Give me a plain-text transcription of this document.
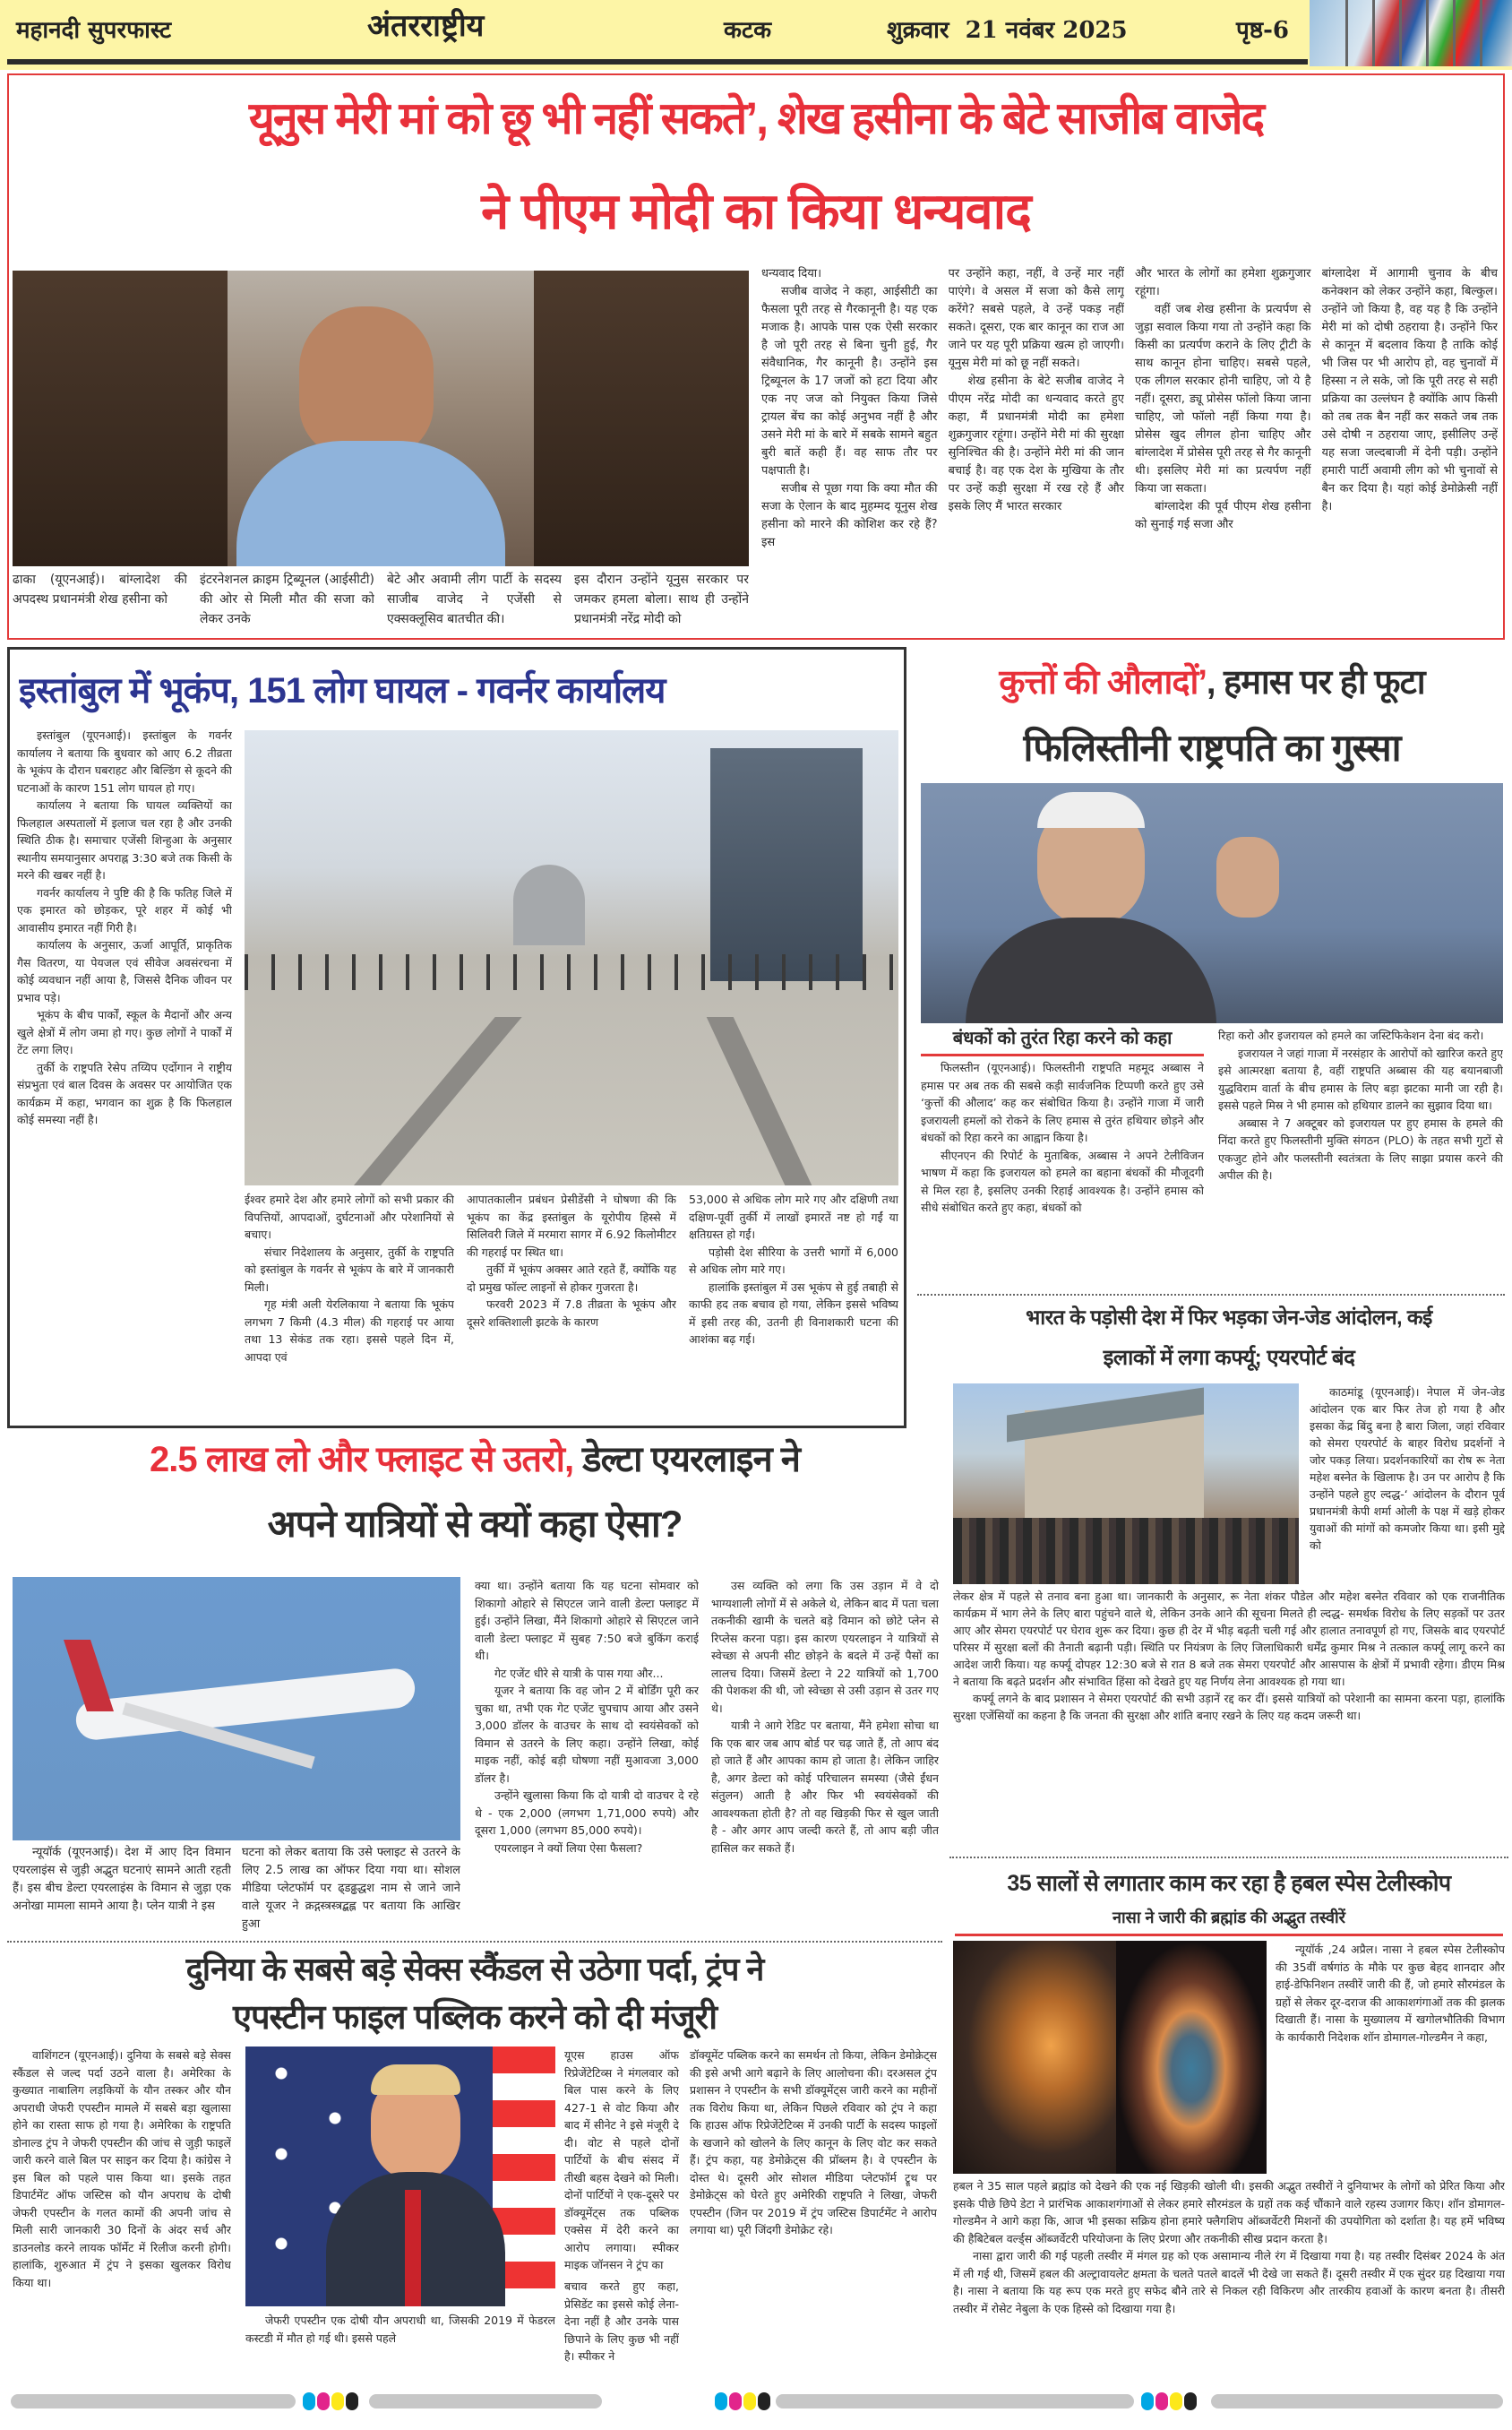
महानदी सुपरफास्ट	अंतरराष्ट्रीय	कटक	शुक्रवार  21 नवंबर 2025	पृष्ठ-6
यूनुस मेरी मां को छू भी नहीं सकते’, शेख हसीना के बेटे साजीब वाजेद
ने पीएम मोदी का किया धन्यवाद
ढाका (यूएनआई)। बांग्लादेश की अपदस्थ प्रधानमंत्री शेख हसीना को
इंटरनेशनल क्राइम ट्रिब्यूनल (आईसीटी) की ओर से मिली मौत की सजा को लेकर उनके
बेटे और अवामी लीग पार्टी के सदस्य साजीब वाजेद ने एजेंसी से एक्सक्लूसिव बातचीत की।
इस दौरान उन्होंने यूनुस सरकार पर जमकर हमला बोला। साथ ही उन्होंने प्रधानमंत्री नरेंद्र मोदी को

धन्यवाद दिया।

सजीब वाजेद ने कहा, आईसीटी का फैसला पूरी तरह से गैरकानूनी है। यह एक मजाक है। आपके पास एक ऐसी सरकार है जो पूरी तरह से बिना चुनी हुई, गैर संवैधानिक, गैर कानूनी है। उन्होंने इस ट्रिब्यूनल के 17 जजों को हटा दिया और एक नए जज को नियुक्त किया जिसे ट्रायल बेंच का कोई अनुभव नहीं है और उसने मेरी मां के बारे में सबके सामने बहुत बुरी बातें कही हैं। वह साफ तौर पर पक्षपाती है।

सजीब से पूछा गया कि क्या मौत की सजा के ऐलान के बाद मुहम्मद यूनुस शेख हसीना को मारने की कोशिश कर रहे हैं? इस

पर उन्होंने कहा, नहीं, वे उन्हें मार नहीं पाएंगे। वे असल में सजा को कैसे लागू करेंगे? सबसे पहले, वे उन्हें पकड़ नहीं सकते। दूसरा, एक बार कानून का राज आ जाने पर यह पूरी प्रक्रिया खत्म हो जाएगी। यूनुस मेरी मां को छू नहीं सकते।

शेख हसीना के बेटे सजीब वाजेद ने पीएम नरेंद्र मोदी का धन्यवाद करते हुए कहा, मैं प्रधानमंत्री मोदी का हमेशा शुक्रगुजार रहूंगा। उन्होंने मेरी मां की सुरक्षा सुनिश्चित की है। उन्होंने मेरी मां की जान बचाई है। वह एक देश के मुखिया के तौर पर उन्हें कड़ी सुरक्षा में रख रहे हैं और इसके लिए मैं भारत सरकार

और भारत के लोगों का हमेशा शुक्रगुजार रहूंगा।

वहीं जब शेख हसीना के प्रत्यर्पण से जुड़ा सवाल किया गया तो उन्होंने कहा कि किसी का प्रत्यर्पण कराने के लिए ट्रीटी के साथ कानून होना चाहिए। सबसे पहले, एक लीगल सरकार होनी चाहिए, जो ये है नहीं। दूसरा, ड्यू प्रोसेस फॉलो किया जाना चाहिए, जो फॉलो नहीं किया गया है। प्रोसेस खुद लीगल होना चाहिए और बांग्लादेश में प्रोसेस पूरी तरह से गैर कानूनी थी। इसलिए मेरी मां का प्रत्यर्पण नहीं किया जा सकता।

बांग्लादेश की पूर्व पीएम शेख हसीना को सुनाई गई सजा और

बांग्लादेश में आगामी चुनाव के बीच कनेक्शन को लेकर उन्होंने कहा, बिल्कुल। उन्होंने जो किया है, वह यह है कि उन्होंने मेरी मां को दोषी ठहराया है। उन्होंने फिर से कानून में बदलाव किया है ताकि कोई भी जिस पर भी आरोप हो, वह चुनावों में हिस्सा न ले सके, जो कि पूरी तरह से सही प्रक्रिया का उल्लंघन है क्योंकि आप किसी को तब तक बैन नहीं कर सकते जब तक उसे दोषी न ठहराया जाए, इसीलिए उन्हें यह सजा जल्दबाजी में देनी पड़ी। उन्होंने हमारी पार्टी अवामी लीग को भी चुनावों से बैन कर दिया है। यहां कोई डेमोक्रेसी नहीं है।

इस्तांबुल में भूकंप, 151 लोग घायल - गवर्नर कार्यालय

इस्तांबुल (यूएनआई)। इस्तांबुल के गवर्नर कार्यालय ने बताया कि बुधवार को आए 6.2 तीव्रता के भूकंप के दौरान घबराहट और बिल्डिंग से कूदने की घटनाओं के कारण 151 लोग घायल हो गए।

कार्यालय ने बताया कि घायल व्यक्तियों का फिलहाल अस्पतालों में इलाज चल रहा है और उनकी स्थिति ठीक है। समाचार एजेंसी शिन्हुआ के अनुसार स्थानीय समयानुसार अपराह्न 3:30 बजे तक किसी के मरने की खबर नहीं है।

गवर्नर कार्यालय ने पुष्टि की है कि फतिह जिले में एक इमारत को छोड़कर, पूरे शहर में कोई भी आवासीय इमारत नहीं गिरी है।

कार्यालय के अनुसार, ऊर्जा आपूर्ति, प्राकृतिक गैस वितरण, या पेयजल एवं सीवेज अवसंरचना में कोई व्यवधान नहीं आया है, जिससे दैनिक जीवन पर प्रभाव पड़े।

भूकंप के बीच पार्कों, स्कूल के मैदानों और अन्य खुले क्षेत्रों में लोग जमा हो गए। कुछ लोगों ने पार्कों में टेंट लगा लिए।

तुर्की के राष्ट्रपति रेसेप तय्यिप एर्दोगान ने राष्ट्रीय संप्रभुता एवं बाल दिवस के अवसर पर आयोजित एक कार्यक्रम में कहा, भगवान का शुक्र है कि फिलहाल कोई समस्या नहीं है।

ईश्वर हमारे देश और हमारे लोगों को सभी प्रकार की विपत्तियों, आपदाओं, दुर्घटनाओं और परेशानियों से बचाए।

संचार निदेशालय के अनुसार, तुर्की के राष्ट्रपति को इस्तांबुल के गवर्नर से भूकंप के बारे में जानकारी मिली।

गृह मंत्री अली येरलिकाया ने बताया कि भूकंप लगभग 7 किमी (4.3 मील) की गहराई पर आया तथा 13 सेकंड तक रहा। इससे पहले दिन में, आपदा एवं

आपातकालीन प्रबंधन प्रेसीडेंसी ने घोषणा की कि भूकंप का केंद्र इस्तांबुल के यूरोपीय हिस्से में सिलिवरी जिले में मरमारा सागर में 6.92 किलोमीटर की गहराई पर स्थित था।

तुर्की में भूकंप अक्सर आते रहते हैं, क्योंकि यह दो प्रमुख फॉल्ट लाइनों से होकर गुजरता है।

फरवरी 2023 में 7.8 तीव्रता के भूकंप और दूसरे शक्तिशाली झटके के कारण

53,000 से अधिक लोग मारे गए और दक्षिणी तथा दक्षिण-पूर्वी तुर्की में लाखों इमारतें नष्ट हो गईं या क्षतिग्रस्त हो गईं।

पड़ोसी देश सीरिया के उत्तरी भागों में 6,000 से अधिक लोग मारे गए।

हालांकि इस्तांबुल में उस भूकंप से हुई तबाही से काफी हद तक बचाव हो गया, लेकिन इससे भविष्य में इसी तरह की, उतनी ही विनाशकारी घटना की आशंका बढ़ गई।

कुत्तों की औलादों’, हमास पर ही फूटा
फिलिस्तीनी राष्ट्रपति का गुस्सा
बंधकों को तुरंत रिहा करने को कहा

फिलस्तीन (यूएनआई)। फिलस्तीनी राष्ट्रपति महमूद अब्बास ने हमास पर अब तक की सबसे कड़ी सार्वजनिक टिप्पणी करते हुए उसे ‘कुत्तों की औलाद’ कह कर संबोधित किया है। उन्होंने गाजा में जारी इजरायली हमलों को रोकने के लिए हमास से तुरंत हथियार छोड़ने और बंधकों को रिहा करने का आह्वान किया है।

सीएनएन की रिपोर्ट के मुताबिक, अब्बास ने अपने टेलीविजन भाषण में कहा कि इजरायल को हमले का बहाना बंधकों की मौजूदगी से मिल रहा है, इसलिए उनकी रिहाई आवश्यक है। उन्होंने हमास को सीधे संबोधित करते हुए कहा, बंधकों को

रिहा करो और इजरायल को हमले का जस्टिफिकेशन देना बंद करो।

इजरायल ने जहां गाजा में नरसंहार के आरोपों को खारिज करते हुए इसे आत्मरक्षा बताया है, वहीं राष्ट्रपति अब्बास की यह बयानबाजी युद्धविराम वार्ता के बीच हमास के लिए बड़ा झटका मानी जा रही है। इससे पहले मिस्र ने भी हमास को हथियार डालने का सुझाव दिया था।

अब्बास ने 7 अक्टूबर को इजरायल पर हुए हमास के हमले की निंदा करते हुए फिलस्तीनी मुक्ति संगठन (PLO) के तहत सभी गुटों से एकजुट होने और फलस्तीनी स्वतंत्रता के लिए साझा प्रयास करने की अपील की है।

2.5 लाख लो और फ्लाइट से उतरो, डेल्टा एयरलाइन ने
अपने यात्रियों से क्यों कहा ऐसा?

न्यूयॉर्क (यूएनआई)। देश में आए दिन विमान एयरलाइंस से जुड़ी अद्भुत घटनाएं सामने आती रहती हैं। इस बीच डेल्टा एयरलाइंस के विमान से जुड़ा एक अनोखा मामला सामने आया है। प्लेन यात्री ने इस

घटना को लेकर बताया कि उसे फ्लाइट से उतरने के लिए 2.5 लाख का ऑफर दिया गया था। सोशल मीडिया प्लेटफॉर्म पर ढ्डढ्ढद्धश नाम से जाने जाने वाले यूजर ने क्रद्गस्त्रस्त्रद्बह्ल पर बताया कि आखिर हुआ

क्या था। उन्होंने बताया कि यह घटना सोमवार को शिकागो ओहारे से सिएटल जाने वाली डेल्टा फ्लाइट में हुई। उन्होंने लिखा, मैंने शिकागो ओहारे से सिएटल जाने वाली डेल्टा फ्लाइट में सुबह 7:50 बजे बुकिंग कराई थी।

गेट एजेंट धीरे से यात्री के पास गया और...

यूजर ने बताया कि वह जोन 2 में बोर्डिंग पूरी कर चुका था, तभी एक गेट एजेंट चुपचाप आया और उसने 3,000 डॉलर के वाउचर के साथ दो स्वयंसेवकों को विमान से उतरने के लिए कहा। उन्होंने लिखा, कोई माइक नहीं, कोई बड़ी घोषणा नहीं मुआवजा 3,000 डॉलर है।

उन्होंने खुलासा किया कि दो यात्री दो वाउचर दे रहे थे - एक 2,000 (लगभग 1,71,000 रुपये) और दूसरा 1,000 (लगभग 85,000 रुपये)।

एयरलाइन ने क्यों लिया ऐसा फैसला?

उस व्यक्ति को लगा कि उस उड़ान में वे दो भाग्यशाली लोगों में से अकेले थे, लेकिन बाद में पता चला तकनीकी खामी के चलते बड़े विमान को छोटे प्लेन से रिप्लेस करना पड़ा। इस कारण एयरलाइन ने यात्रियों से स्वेच्छा से अपनी सीट छोड़ने के बदले में उन्हें पैसों का लालच दिया। जिसमें डेल्टा ने 22 यात्रियों को 1,700 की पेशकश की थी, जो स्वेच्छा से उसी उड़ान से उतर गए थे।

यात्री ने आगे रेडिट पर बताया, मैंने हमेशा सोचा था कि एक बार जब आप बोर्ड पर चढ़ जाते हैं, तो आप बंद हो जाते हैं और आपका काम हो जाता है। लेकिन जाहिर है, अगर डेल्टा को कोई परिचालन समस्या (जैसे ईंधन संतुलन) आती है और फिर भी स्वयंसेवकों की आवश्यकता होती है? तो वह खिड़की फिर से खुल जाती है - और अगर आप जल्दी करते हैं, तो आप बड़ी जीत हासिल कर सकते हैं।

भारत के पड़ोसी देश में फिर भड़का जेन-जेड आंदोलन, कई
इलाकों में लगा कर्फ्यू; एयरपोर्ट बंद

काठमांडू (यूएनआई)। नेपाल में जेन-जेड आंदोलन एक बार फिर तेज हो गया है और इसका केंद्र बिंदु बना है बारा जिला, जहां रविवार को सेमरा एयरपोर्ट के बाहर विरोध प्रदर्शनों ने जोर पकड़ लिया। प्रदर्शनकारियों का रोष रू नेता महेश बस्नेत के खिलाफ है। उन पर आरोप है कि उन्होंने पहले हुए ल्दद्ध-‘ आंदोलन के दौरान पूर्व प्रधानमंत्री केपी शर्मा ओली के पक्ष में खड़े होकर युवाओं की मांगों को कमजोर किया था। इसी मुद्दे को

लेकर क्षेत्र में पहले से तनाव बना हुआ था। जानकारी के अनुसार, रू नेता शंकर पौडेल और महेश बस्नेत रविवार को एक राजनीतिक कार्यक्रम में भाग लेने के लिए बारा पहुंचने वाले थे, लेकिन उनके आने की सूचना मिलते ही ल्दद्ध- समर्थक विरोध के लिए सड़कों पर उतर आए और सेमरा एयरपोर्ट पर घेराव शुरू कर दिया। कुछ ही देर में भीड़ बढ़ती चली गई और हालात तनावपूर्ण हो गए, जिसके बाद एयरपोर्ट परिसर में सुरक्षा बलों की तैनाती बढ़ानी पड़ी। स्थिति पर नियंत्रण के लिए जिलाधिकारी धर्मेंद्र कुमार मिश्र ने तत्काल कर्फ्यू लागू करने का आदेश जारी किया। यह कर्फ्यू दोपहर 12:30 बजे से रात 8 बजे तक सेमरा एयरपोर्ट और आसपास के क्षेत्रों में प्रभावी रहेगा। डीएम मिश्र ने बताया कि बढ़ते प्रदर्शन और संभावित हिंसा को देखते हुए यह निर्णय लेना आवश्यक हो गया था।

कर्फ्यू लगने के बाद प्रशासन ने सेमरा एयरपोर्ट की सभी उड़ानें रद्द कर दीं। इससे यात्रियों को परेशानी का सामना करना पड़ा, हालांकि सुरक्षा एजेंसियों का कहना है कि जनता की सुरक्षा और शांति बनाए रखने के लिए यह कदम जरूरी था।

दुनिया के सबसे बड़े सेक्स स्कैंडल से उठेगा पर्दा, ट्रंप ने
एपस्टीन फाइल पब्लिक करने को दी मंजूरी

वाशिंगटन (यूएनआई)। दुनिया के सबसे बड़े सेक्स स्कैंडल से जल्द पर्दा उठने वाला है। अमेरिका के कुख्यात नाबालिग लड़कियों के यौन तस्कर और यौन अपराधी जेफरी एपस्टीन मामले में सबसे बड़ा खुलासा होने का रास्ता साफ हो गया है। अमेरिका के राष्ट्रपति डोनाल्ड ट्रंप ने जेफरी एपस्टीन की जांच से जुड़ी फाइलें जारी करने वाले बिल पर साइन कर दिया है। कांग्रेस ने इस बिल को पहले पास किया था। इसके तहत डिपार्टमेंट ऑफ जस्टिस को यौन अपराध के दोषी जेफरी एपस्टीन के गलत कामों की अपनी जांच से मिली सारी जानकारी 30 दिनों के अंदर सर्च और डाउनलोड करने लायक फॉर्मेट में रिलीज करनी होगी। हालांकि, शुरुआत में ट्रंप ने इसका खुलकर विरोध किया था।

जेफरी एपस्टीन एक दोषी यौन अपराधी था, जिसकी 2019 में फेडरल कस्टडी में मौत हो गई थी। इससे पहले

यूएस हाउस ऑफ रिप्रेजेंटेटिव्स ने मंगलवार को बिल पास करने के लिए 427-1 से वोट किया और बाद में सीनेट ने इसे मंजूरी दे दी। वोट से पहले दोनों पार्टियों के बीच संसद में तीखी बहस देखने को मिली। दोनों पार्टियों ने एक-दूसरे पर डॉक्यूमेंट्स तक पब्लिक एक्सेस में देरी करने का आरोप लगाया। स्पीकर माइक जॉनसन ने ट्रंप का

बचाव करते हुए कहा, प्रेसिडेंट का इससे कोई लेना-देना नहीं है और उनके पास छिपाने के लिए कुछ भी नहीं है। स्पीकर ने

डॉक्यूमेंट पब्लिक करने का समर्थन तो किया, लेकिन डेमोक्रेट्स की इसे अभी आगे बढ़ाने के लिए आलोचना की। दरअसल ट्रंप प्रशासन ने एपस्टीन के सभी डॉक्यूमेंट्स जारी करने का महीनों तक विरोध किया था, लेकिन पिछले रविवार को ट्रंप ने कहा कि हाउस ऑफ रिप्रेजेंटेटिव्स में उनकी पार्टी के सदस्य फाइलों के खजाने को खोलने के लिए कानून के लिए वोट कर सकते हैं। ट्रंप कहा, यह डेमोक्रेट्स की प्रॉब्लम है। वे एपस्टीन के दोस्त थे। दूसरी ओर सोशल मीडिया प्लेटफॉर्म ट्रूथ पर डेमोक्रेट्स को घेरते हुए अमेरिकी राष्ट्रपति ने लिखा, जेफरी एपस्टीन (जिन पर 2019 में ट्रंप जस्टिस डिपार्टमेंट ने आरोप लगाया था) पूरी जिंदगी डेमोक्रेट रहे।

35 सालों से लगातार काम कर रहा है हबल स्पेस टेलीस्कोप
नासा ने जारी की ब्रह्मांड की अद्भुत तस्वीरें

न्यूयॉर्क ,24 अप्रैल। नासा ने हबल स्पेस टेलीस्कोप की 35वीं वर्षगांठ के मौके पर कुछ बेहद शानदार और हाई-डेफिनिशन तस्वीरें जारी की हैं, जो हमारे सौरमंडल के ग्रहों से लेकर दूर-दराज की आकाशगंगाओं तक की झलक दिखाती हैं। नासा के मुख्यालय में खगोलभौतिकी विभाग के कार्यकारी निदेशक शॉन डोमागल-गोल्डमैन ने कहा,

हबल ने 35 साल पहले ब्रह्मांड को देखने की एक नई खिड़की खोली थी। इसकी अद्भुत तस्वीरों ने दुनियाभर के लोगों को प्रेरित किया और इसके पीछे छिपे डेटा ने प्रारंभिक आकाशगंगाओं से लेकर हमारे सौरमंडल के ग्रहों तक कई चौंकाने वाले रहस्य उजागर किए। शॉन डोमागल-गोल्डमैन ने आगे कहा कि, आज भी इसका सक्रिय होना हमारे फ्लैगशिप ऑब्जर्वेटरी मिशनों की उपयोगिता को दर्शाता है। यह हमें भविष्य की हैबिटेबल वर्ल्ड्स ऑब्जर्वेटरी परियोजना के लिए प्रेरणा और तकनीकी सीख प्रदान करता है।

नासा द्वारा जारी की गई पहली तस्वीर में मंगल ग्रह को एक असामान्य नीले रंग में दिखाया गया है। यह तस्वीर दिसंबर 2024 के अंत में ली गई थी, जिसमें हबल की अल्ट्रावायलेट क्षमता के चलते पतले बादलें भी देखे जा सकते हैं। दूसरी तस्वीर में एक सुंदर ग्रह दिखाया गया है। नासा ने बताया कि यह रूप एक मरते हुए सफेद बौने तारे से निकल रही विकिरण और तारकीय हवाओं के कारण बनता है। तीसरी तस्वीर में रोसेट नेबुला के एक हिस्से को दिखाया गया है।
